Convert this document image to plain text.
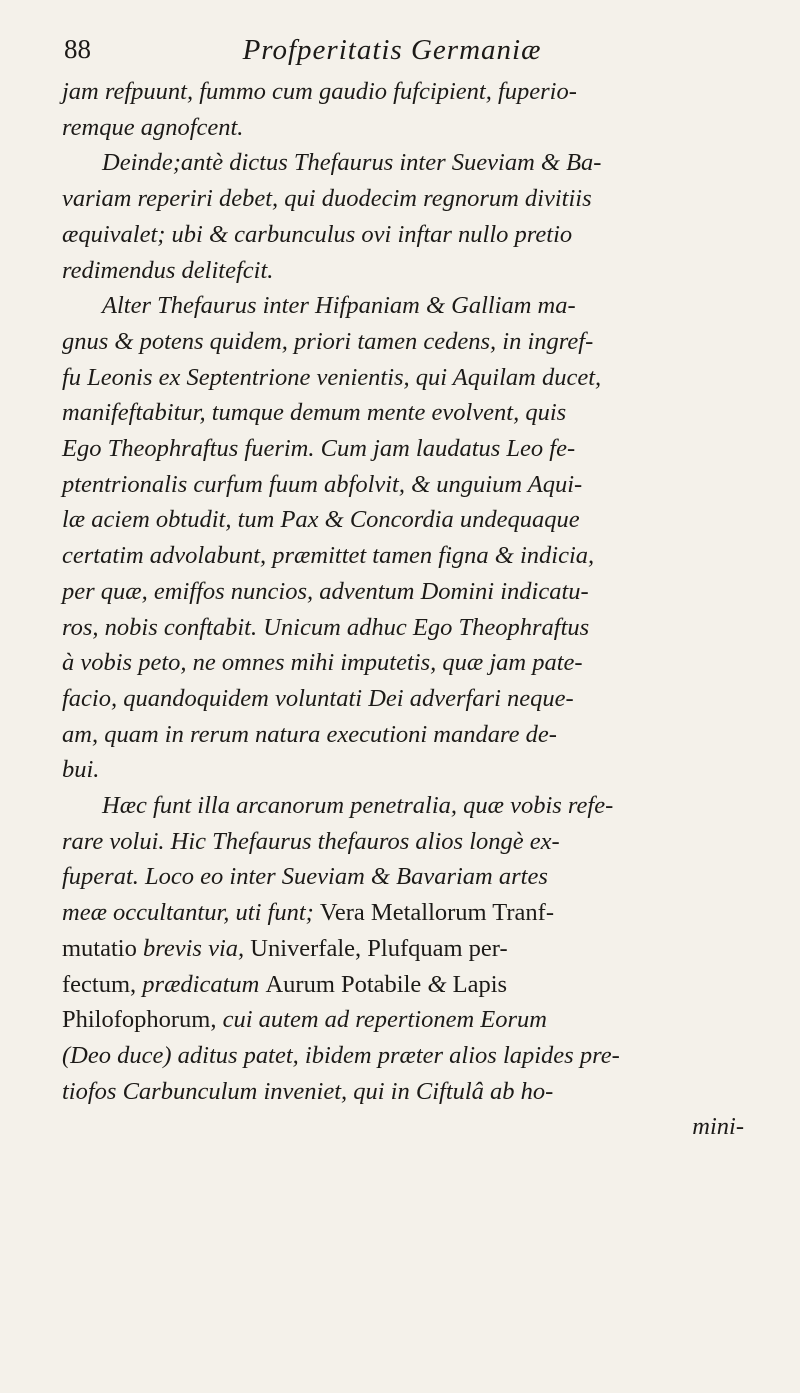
88	Profperitatis Germaniæ
jam refpuunt, fummo cum gaudio fufcipient, fuperio-
remque agnofcent.
Deinde;antè dictus Thefaurus inter Sueviam & Ba-
variam reperiri debet, qui duodecim regnorum divitiis
æquivalet; ubi & carbunculus ovi inftar nullo pretio
redimendus delitefcit.
Alter Thefaurus inter Hifpaniam & Galliam ma-
gnus & potens quidem, priori tamen cedens, in ingref-
fu Leonis ex Septentrione venientis, qui Aquilam ducet,
manifeftabitur, tumque demum mente evolvent, quis
Ego Theophraftus fuerim. Cum jam laudatus Leo fe-
ptentrionalis curfum fuum abfolvit, & unguium Aqui-
læ aciem obtudit, tum Pax & Concordia undequaque
certatim advolabunt, præmittet tamen figna & indicia,
per quæ, emiffos nuncios, adventum Domini indicatu-
ros, nobis conftabit. Unicum adhuc Ego Theophraftus
à vobis peto, ne omnes mihi imputetis, quæ jam pate-
facio, quandoquidem voluntati Dei adverfari neque-
am, quam in rerum natura executioni mandare de-
bui.
Hæc funt illa arcanorum penetralia, quæ vobis refe-
rare volui. Hic Thefaurus thefauros alios longè ex-
fuperat. Loco eo inter Sueviam & Bavariam artes
meæ occultantur, uti funt; Vera Metallorum Tranf-
mutatio brevis via, Univerfale, Plufquam per-
fectum, prædicatum Aurum Potabile & Lapis
Philofophorum, cui autem ad repertionem Eorum
(Deo duce) aditus patet, ibidem præter alios lapides pre-
tiofos Carbunculum inveniet, qui in Ciftulâ ab ho-
mini-
